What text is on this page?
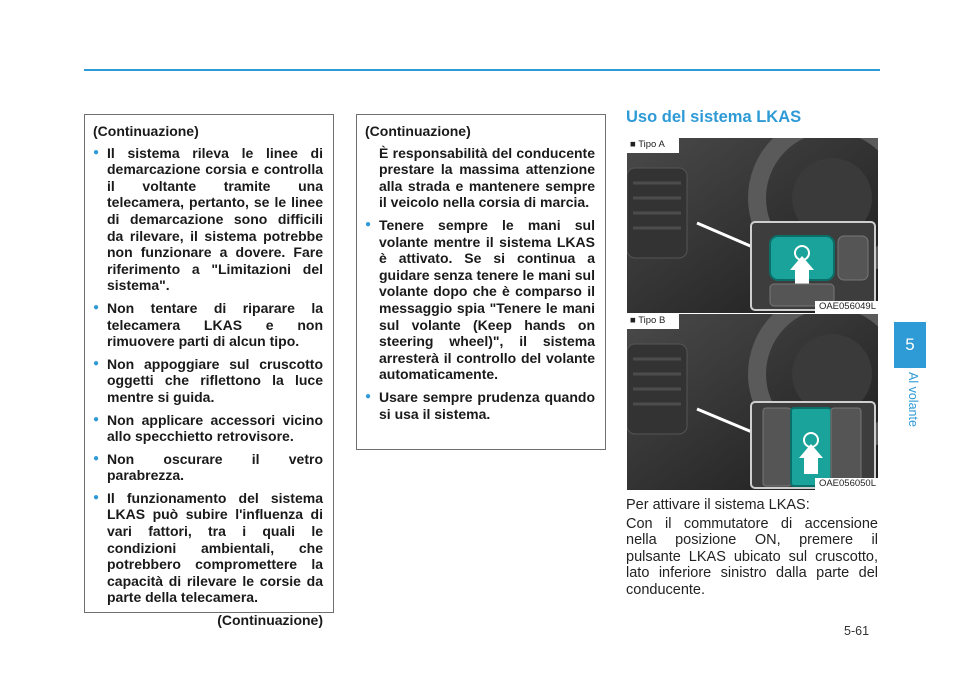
(Continuazione)
● Il sistema rileva le linee di demarcazione corsia e controlla il voltante tramite una telecamera, pertanto, se le linee di demarcazione sono difficili da rilevare, il sistema potrebbe non funzionare a dovere. Fare riferimento a "Limitazioni del sistema".
● Non tentare di riparare la telecamera LKAS e non rimuovere parti di alcun tipo.
● Non appoggiare sul cruscotto oggetti che riflettono la luce mentre si guida.
● Non applicare accessori vicino allo specchietto retrovisore.
● Non oscurare il vetro parabrezza.
● Il funzionamento del sistema LKAS può subire l'influenza di vari fattori, tra i quali le condizioni ambientali, che potrebbero compromettere la capacità di rilevare le corsie da parte della telecamera.
(Continuazione)
(Continuazione)
È responsabilità del conducente prestare la massima attenzione alla strada e mantenere sempre il veicolo nella corsia di marcia.
● Tenere sempre le mani sul volante mentre il sistema LKAS è attivato. Se si continua a guidare senza tenere le mani sul volante dopo che è comparso il messaggio spia "Tenere le mani sul volante (Keep hands on steering wheel)", il sistema arresterà il controllo del volante automaticamente.
● Usare sempre prudenza quando si usa il sistema.
Uso del sistema LKAS
■ Tipo A
OAE056049L
■ Tipo B
OAE056050L

Per attivare il sistema LKAS:

Con il commutatore di accensione nella posizione ON, premere il pulsante LKAS ubicato sul cruscotto, lato inferiore sinistro dalla parte del conducente.

5
Al volante
5-61
